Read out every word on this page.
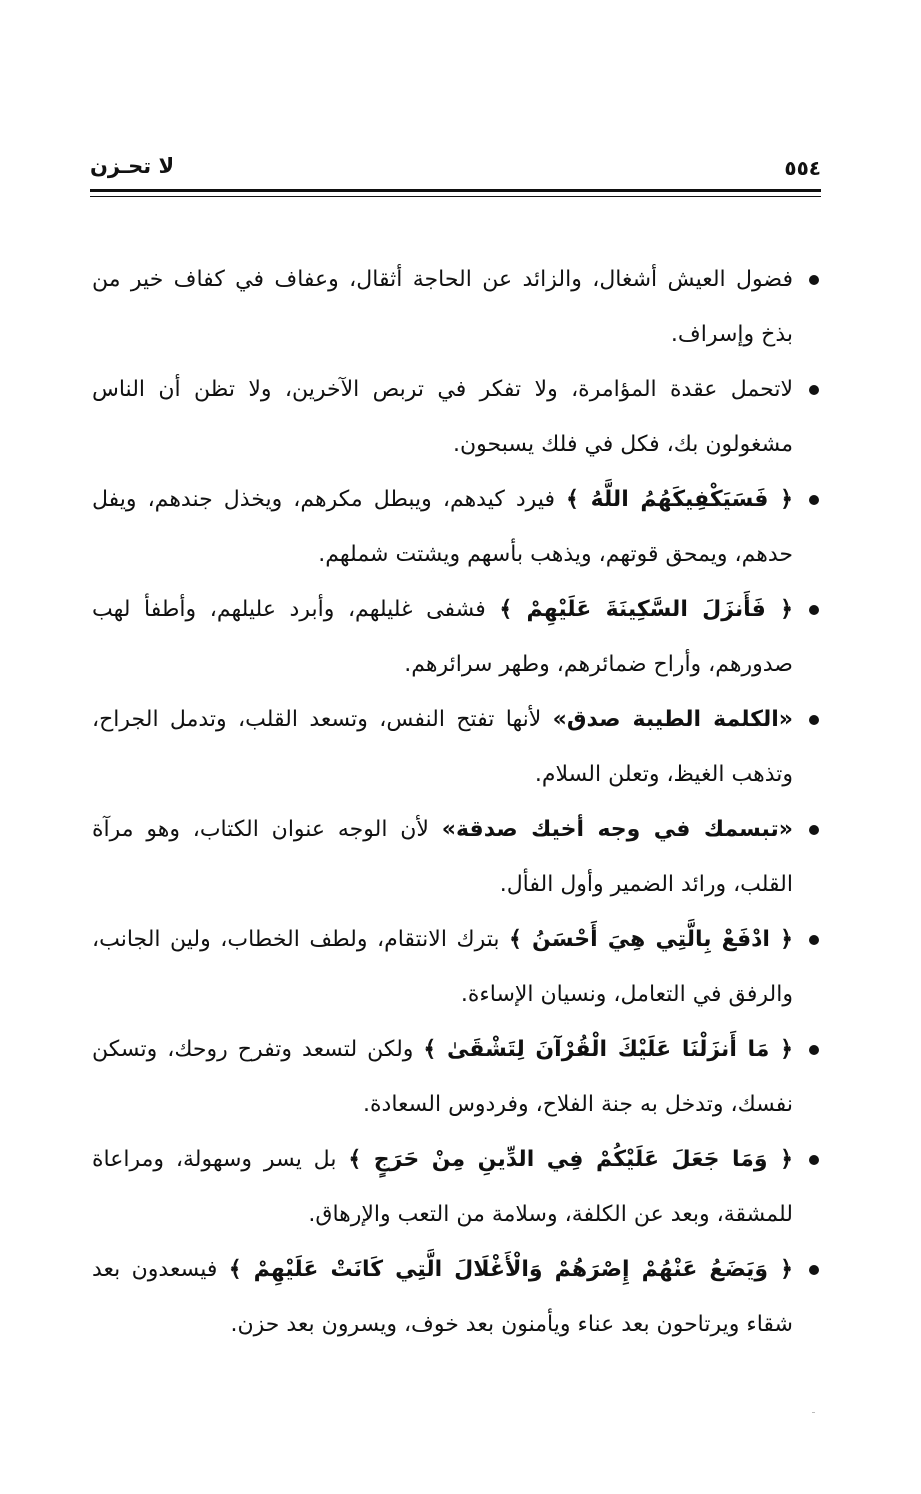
٥٥٤
لا تحـزن
فضول العيش أشغال، والزائد عن الحاجة أثقال، وعفاف في كفاف خير من بذخ وإسراف.
لاتحمل عقدة المؤامرة، ولا تفكر في تربص الآخرين، ولا تظن أن الناس مشغولون بك، فكل في فلك يسبحون.
﴿ فَسَيَكْفِيكَهُمُ اللَّهُ ﴾ فيرد كيدهم، ويبطل مكرهم، ويخذل جندهم، ويفل حدهم، ويمحق قوتهم، ويذهب بأسهم ويشتت شملهم.
﴿ فَأَنزَلَ السَّكِينَةَ عَلَيْهِمْ ﴾ فشفى غليلهم، وأبرد عليلهم، وأطفأ لهب صدورهم، وأراح ضمائرهم، وطهر سرائرهم.
«الكلمة الطيبة صدق» لأنها تفتح النفس، وتسعد القلب، وتدمل الجراح، وتذهب الغيظ، وتعلن السلام.
«تبسمك في وجه أخيك صدقة» لأن الوجه عنوان الكتاب، وهو مرآة القلب، ورائد الضمير وأول الفأل.
﴿ ادْفَعْ بِالَّتِي هِيَ أَحْسَنُ ﴾ بترك الانتقام، ولطف الخطاب، ولين الجانب، والرفق في التعامل، ونسيان الإساءة.
﴿ مَا أَنزَلْنَا عَلَيْكَ الْقُرْآنَ لِتَشْقَىٰ ﴾ ولكن لتسعد وتفرح روحك، وتسكن نفسك، وتدخل به جنة الفلاح، وفردوس السعادة.
﴿ وَمَا جَعَلَ عَلَيْكُمْ فِي الدِّينِ مِنْ حَرَجٍ ﴾ بل يسر وسهولة، ومراعاة للمشقة، وبعد عن الكلفة، وسلامة من التعب والإرهاق.
﴿ وَيَضَعُ عَنْهُمْ إِصْرَهُمْ وَالْأَغْلَالَ الَّتِي كَانَتْ عَلَيْهِمْ ﴾ فيسعدون بعد شقاء ويرتاحون بعد عناء ويأمنون بعد خوف، ويسرون بعد حزن.
